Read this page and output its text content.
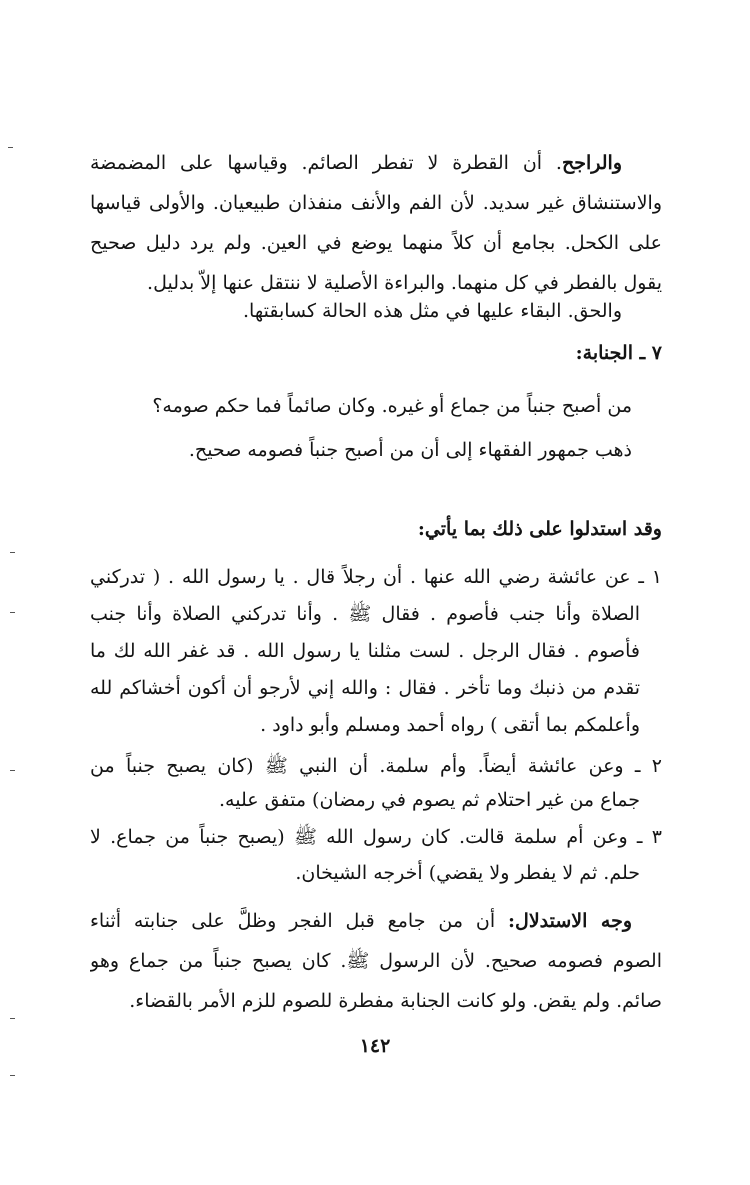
والراجح. أن القطرة لا تفطر الصائم. وقياسها على المضمضة
والاستنشاق غير سديد. لأن الفم والأنف منفذان طبيعيان. والأولى قياسها
على الكحل. بجامع أن كلاً منهما يوضع في العين. ولم يرد دليل صحيح
يقول بالفطر في كل منهما. والبراءة الأصلية لا ننتقل عنها إلاّ بدليل.
والحق. البقاء عليها في مثل هذه الحالة كسابقتها.
٧ ـ الجنابة:
من أصبح جنباً من جماع أو غيره. وكان صائماً فما حكم صومه؟
ذهب جمهور الفقهاء إلى أن من أصبح جنباً فصومه صحيح.
وقد استدلوا على ذلك بما يأتي:
١ ـ عن عائشة رضي الله عنها . أن رجلاً قال . يا رسول الله . ( تدركني
الصلاة وأنا جنب فأصوم . فقال ﷺ . وأنا تدركني الصلاة وأنا جنب
فأصوم . فقال الرجل . لست مثلنا يا رسول الله . قد غفر الله لك ما
تقدم من ذنبك وما تأخر . فقال : والله إني لأرجو أن أكون أخشاكم لله
وأعلمكم بما أتقى ) رواه أحمد ومسلم وأبو داود .
٢ ـ وعن عائشة أيضاً. وأم سلمة. أن النبي ﷺ (كان يصبح جنباً من
جماع من غير احتلام ثم يصوم في رمضان) متفق عليه.
٣ ـ وعن أم سلمة قالت. كان رسول الله ﷺ (يصبح جنباً من جماع. لا
حلم. ثم لا يفطر ولا يقضي) أخرجه الشيخان.
وجه الاستدلال: أن من جامع قبل الفجر وظلَّ على جنابته أثناء
الصوم فصومه صحيح. لأن الرسول ﷺ. كان يصبح جنباً من جماع وهو
صائم. ولم يقض. ولو كانت الجنابة مفطرة للصوم للزم الأمر بالقضاء.
١٤٢
